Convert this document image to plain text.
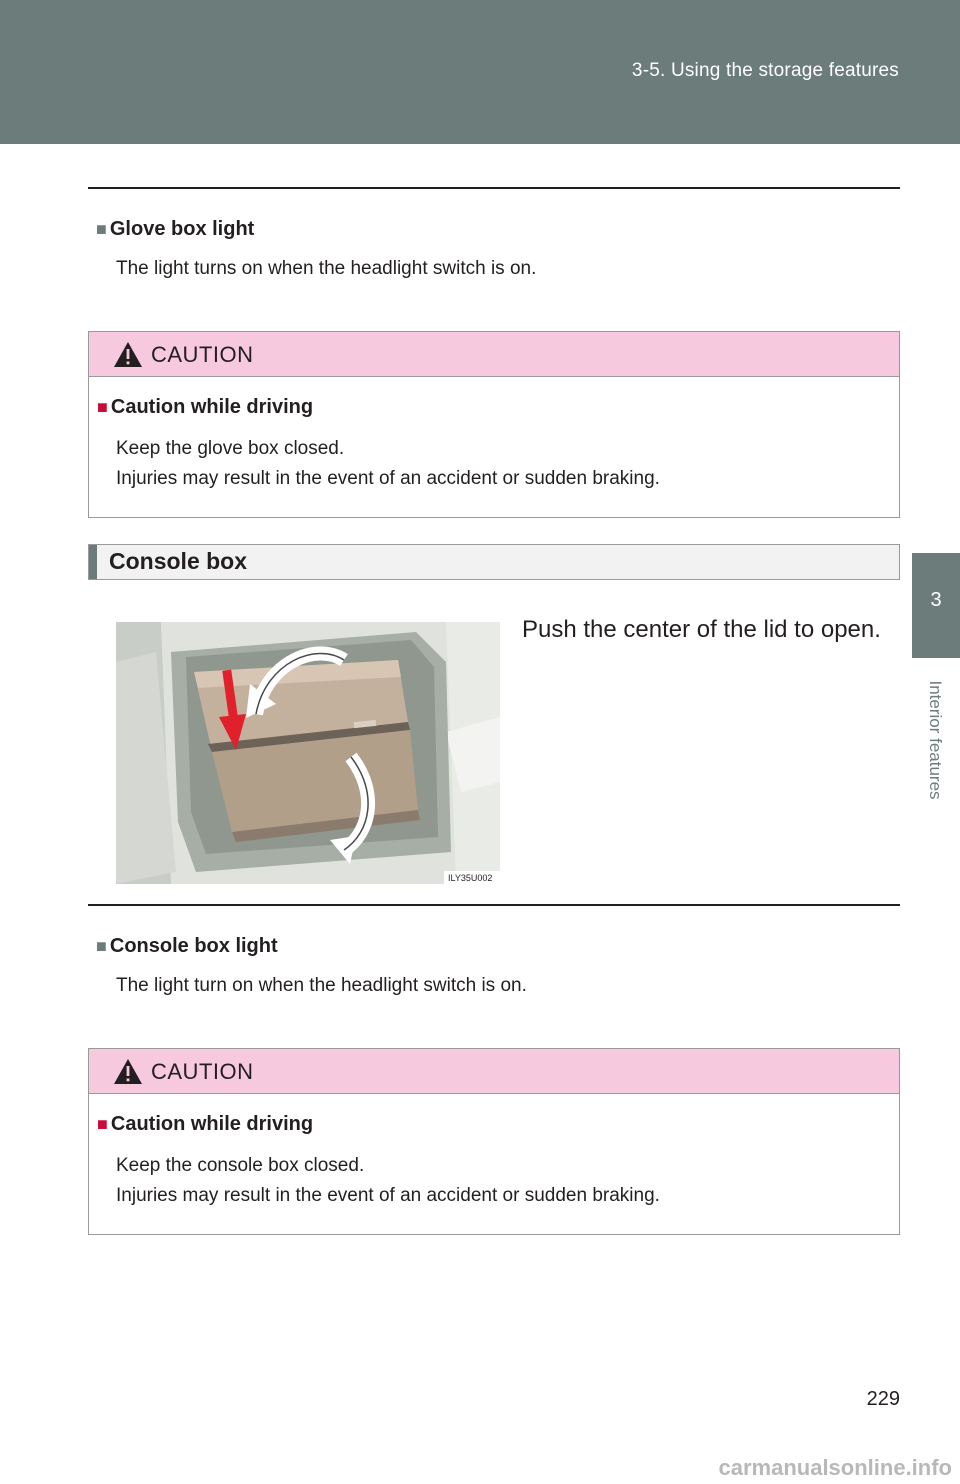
3-5. Using the storage features
3
Interior features
■ Glove box light
The light turns on when the headlight switch is on.
CAUTION
■ Caution while driving
Keep the glove box closed.
Injuries may result in the event of an accident or sudden braking.
Console box
ILY35U002
Push the center of the lid to open.
■ Console box light
The light turn on when the headlight switch is on.
CAUTION
■ Caution while driving
Keep the console box closed.
Injuries may result in the event of an accident or sudden braking.
229
carmanualsonline.info
